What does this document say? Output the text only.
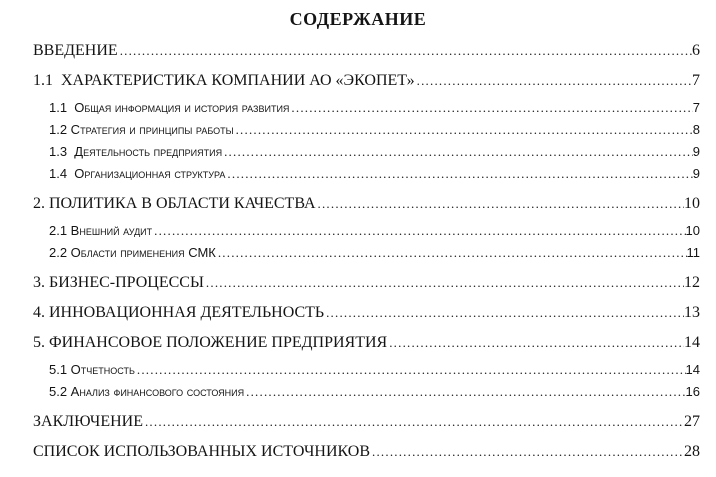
СОДЕРЖАНИЕ
ВВЕДЕНИЕ .....	6
1.1  ХАРАКТЕРИСТИКА КОМПАНИИ АО «ЭКОПЕТ» .....	7
1.1  Общая информация и история развития .....	7
1.2 Стратегия и принципы работы .....	8
1.3  Деятельность предприятия .....	9
1.4  Организационная структура .....	9
2. ПОЛИТИКА В ОБЛАСТИ КАЧЕСТВА .....	10
2.1 Внешний аудит .....	10
2.2 Области применения СМК .....	11
3. БИЗНЕС-ПРОЦЕССЫ .....	12
4. ИННОВАЦИОННАЯ ДЕЯТЕЛЬНОСТЬ .....	13
5. ФИНАНСОВОЕ ПОЛОЖЕНИЕ ПРЕДПРИЯТИЯ .....	14
5.1 Отчетность .....	14
5.2 Анализ финансового состояния .....	16
ЗАКЛЮЧЕНИЕ .....	27
СПИСОК ИСПОЛЬЗОВАННЫХ ИСТОЧНИКОВ .....	28
